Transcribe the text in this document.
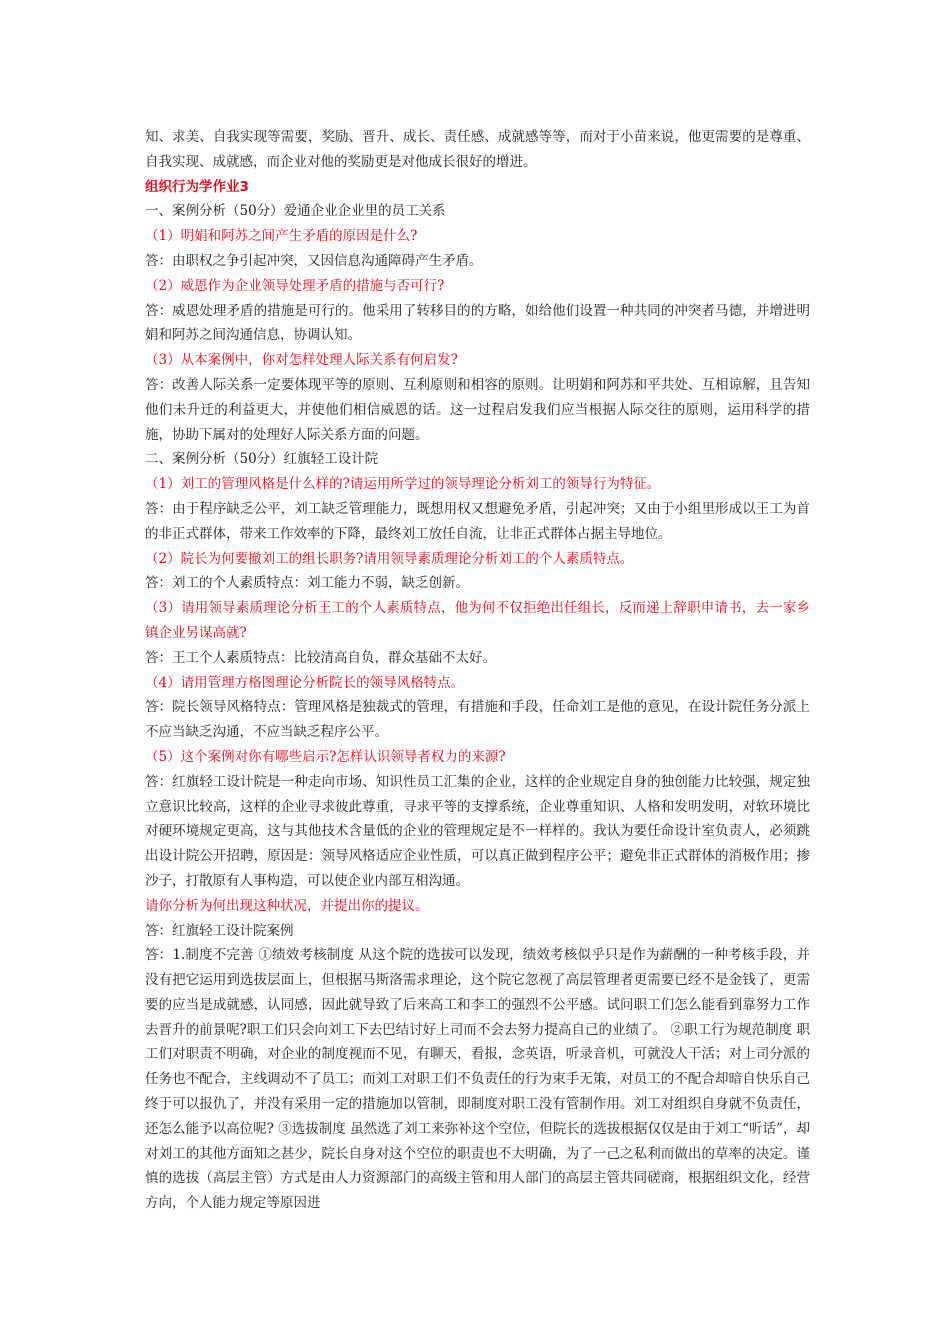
知、求美、自我实现等需要，奖励、晋升、成长、责任感、成就感等等，而对于小苗来说，他更需要的是尊重、自我实现、成就感，而企业对他的奖励更是对他成长很好的增进。

组织行为学作业3

一、案例分析（50分）爱通企业企业里的员工关系

（1）明娟和阿苏之间产生矛盾的原因是什么?

答：由职权之争引起冲突，又因信息沟通障碍产生矛盾。

（2）威恩作为企业领导处理矛盾的措施与否可行?

答：威恩处理矛盾的措施是可行的。他采用了转移目的的方略，如给他们设置一种共同的冲突者马德，并增进明娟和阿苏之间沟通信息，协调认知。

（3）从本案例中，你对怎样处理人际关系有何启发?

答：改善人际关系一定要体现平等的原则、互利原则和相容的原则。让明娟和阿苏和平共处、互相谅解，且告知他们未升迁的利益更大，并使他们相信威恩的话。这一过程启发我们应当根据人际交往的原则，运用科学的措施，协助下属对的处理好人际关系方面的问题。

二、案例分析（50分）红旗轻工设计院

（1）刘工的管理风格是什么样的?请运用所学过的领导理论分析刘工的领导行为特征。

答：由于程序缺乏公平，刘工缺乏管理能力，既想用权又想避免矛盾，引起冲突；又由于小组里形成以王工为首的非正式群体，带来工作效率的下降，最终刘工放任自流，让非正式群体占据主导地位。

（2）院长为何要撤刘工的组长职务?请用领导素质理论分析刘工的个人素质特点。

答：刘工的个人素质特点：刘工能力不弱，缺乏创新。

（3）请用领导素质理论分析王工的个人素质特点，他为何不仅拒绝出任组长，反而递上辞职申请书，去一家乡镇企业另谋高就?

答：王工个人素质特点：比较清高自负，群众基础不太好。

（4）请用管理方格图理论分析院长的领导风格特点。

答：院长领导风格特点：管理风格是独裁式的管理，有措施和手段，任命刘工是他的意见，在设计院任务分派上不应当缺乏沟通，不应当缺乏程序公平。

（5）这个案例对你有哪些启示?怎样认识领导者权力的来源?

答：红旗轻工设计院是一种走向市场、知识性员工汇集的企业，这样的企业规定自身的独创能力比较强，规定独立意识比较高，这样的企业寻求彼此尊重，寻求平等的支撑系统，企业尊重知识、人格和发明发明，对软环境比对硬环境规定更高，这与其他技术含量低的企业的管理规定是不一样样的。我认为要任命设计室负责人，必须跳出设计院公开招聘，原因是：领导风格适应企业性质，可以真正做到程序公平；避免非正式群体的消极作用；掺沙子，打散原有人事构造，可以使企业内部互相沟通。

请你分析为何出现这种状况，并提出你的提议。

答：红旗轻工设计院案例

答：1.制度不完善 ①绩效考核制度 从这个院的选拔可以发现，绩效考核似乎只是作为薪酬的一种考核手段，并没有把它运用到选拔层面上，但根据马斯洛需求理论，这个院它忽视了高层管理者更需要已经不是金钱了，更需要的应当是成就感，认同感，因此就导致了后来高工和李工的强烈不公平感。试问职工们怎么能看到靠努力工作去晋升的前景呢?职工们只会向刘工下去巴结讨好上司而不会去努力提高自己的业绩了。 ②职工行为规范制度 职工们对职责不明确，对企业的制度视而不见，有聊天，看报，念英语，听录音机，可就没人干活；对上司分派的任务也不配合，主线调动不了员工；而刘工对职工们不负责任的行为束手无策，对员工的不配合却暗自快乐自己终于可以报仇了，并没有采用一定的措施加以管制，即制度对职工没有管制作用。刘工对组织自身就不负责任，还怎么能予以高位呢? ③选拔制度 虽然选了刘工来弥补这个空位，但院长的选拔根据仅仅是由于刘工“听话”，却对刘工的其他方面知之甚少，院长自身对这个空位的职责也不大明确，为了一己之私利而做出的草率的决定。谨慎的选拔（高层主管）方式是由人力资源部门的高级主管和用人部门的高层主管共同磋商，根据组织文化，经营方向，个人能力规定等原因进
